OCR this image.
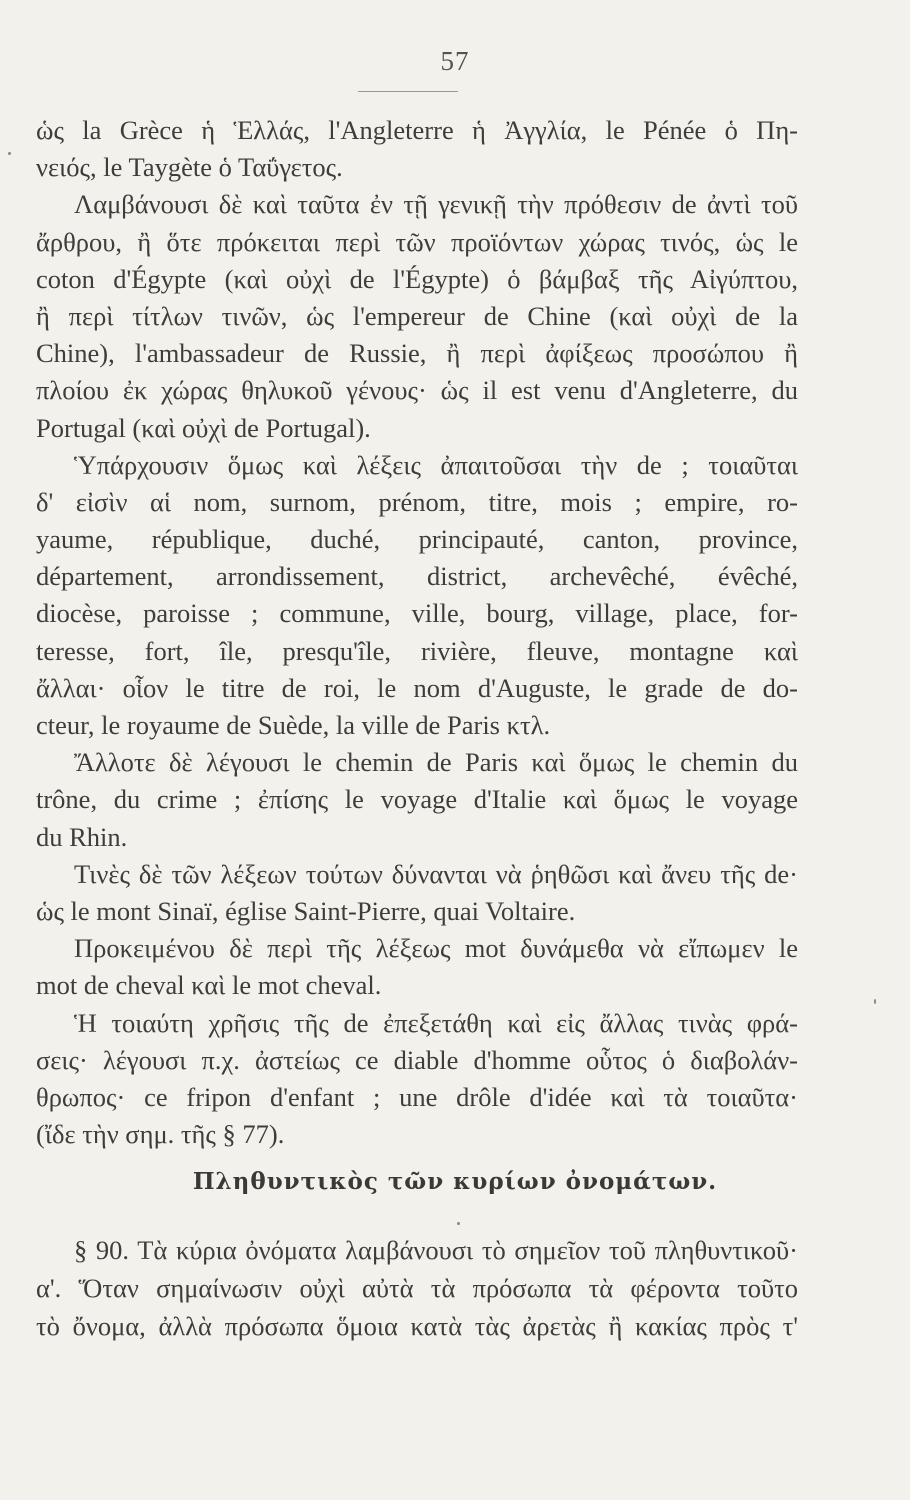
57
ὡς la Grèce ἡ Ἑλλάς, l'Angleterre ἡ Ἀγγλία, le Pénée ὁ Πη-
νειός, le Taygète ὁ Ταΰγετος.
Λαμβάνουσι δὲ καὶ ταῦτα ἐν τῇ γενικῇ τὴν πρόθεσιν de ἀντὶ τοῦ
ἄρθρου, ἢ ὅτε πρόκειται περὶ τῶν προϊόντων χώρας τινός, ὡς le
coton d'Égypte (καὶ οὐχὶ de l'Égypte) ὁ βάμβαξ τῆς Αἰγύπτου,
ἢ περὶ τίτλων τινῶν, ὡς l'empereur de Chine (καὶ οὐχὶ de la
Chine), l'ambassadeur de Russie, ἢ περὶ ἀφίξεως προσώπου ἢ
πλοίου ἐκ χώρας θηλυκοῦ γένους· ὡς il est venu d'Angleterre, du
Portugal (καὶ οὐχὶ de Portugal).
Ὑπάρχουσιν ὅμως καὶ λέξεις ἀπαιτοῦσαι τὴν de ; τοιαῦται
δ' εἰσὶν αἱ nom, surnom, prénom, titre, mois ; empire, ro-
yaume, république, duché, principauté, canton, province,
département, arrondissement, district, archevêché, évêché,
diocèse, paroisse ; commune, ville, bourg, village, place, for-
teresse, fort, île, presqu'île, rivière, fleuve, montagne καὶ
ἄλλαι· οἷον le titre de roi, le nom d'Auguste, le grade de do-
cteur, le royaume de Suède, la ville de Paris κτλ.
Ἄλλοτε δὲ λέγουσι le chemin de Paris καὶ ὅμως le chemin du
trône, du crime ; ἐπίσης le voyage d'Italie καὶ ὅμως le voyage
du Rhin.
Τινὲς δὲ τῶν λέξεων τούτων δύνανται νὰ ῥηθῶσι καὶ ἄνευ τῆς de·
ὡς le mont Sinaï, église Saint-Pierre, quai Voltaire.
Προκειμένου δὲ περὶ τῆς λέξεως mot δυνάμεθα νὰ εἴπωμεν le
mot de cheval καὶ le mot cheval.
Ἡ τοιαύτη χρῆσις τῆς de ἐπεξετάθη καὶ εἰς ἄλλας τινὰς φρά-
σεις· λέγουσι π.χ. ἀστείως ce diable d'homme οὗτος ὁ διαβολάν-
θρωπος· ce fripon d'enfant ; une drôle d'idée καὶ τὰ τοιαῦτα·
(ἴδε τὴν σημ. τῆς § 77).
Πληθυντικὸς τῶν κυρίων ὀνομάτων.
§ 90. Τὰ κύρια ὀνόματα λαμβάνουσι τὸ σημεῖον τοῦ πληθυντικοῦ·
α'. Ὅταν σημαίνωσιν οὐχὶ αὐτὰ τὰ πρόσωπα τὰ φέροντα τοῦτο
τὸ ὄνομα, ἀλλὰ πρόσωπα ὅμοια κατὰ τὰς ἀρετὰς ἢ κακίας πρὸς τ'
